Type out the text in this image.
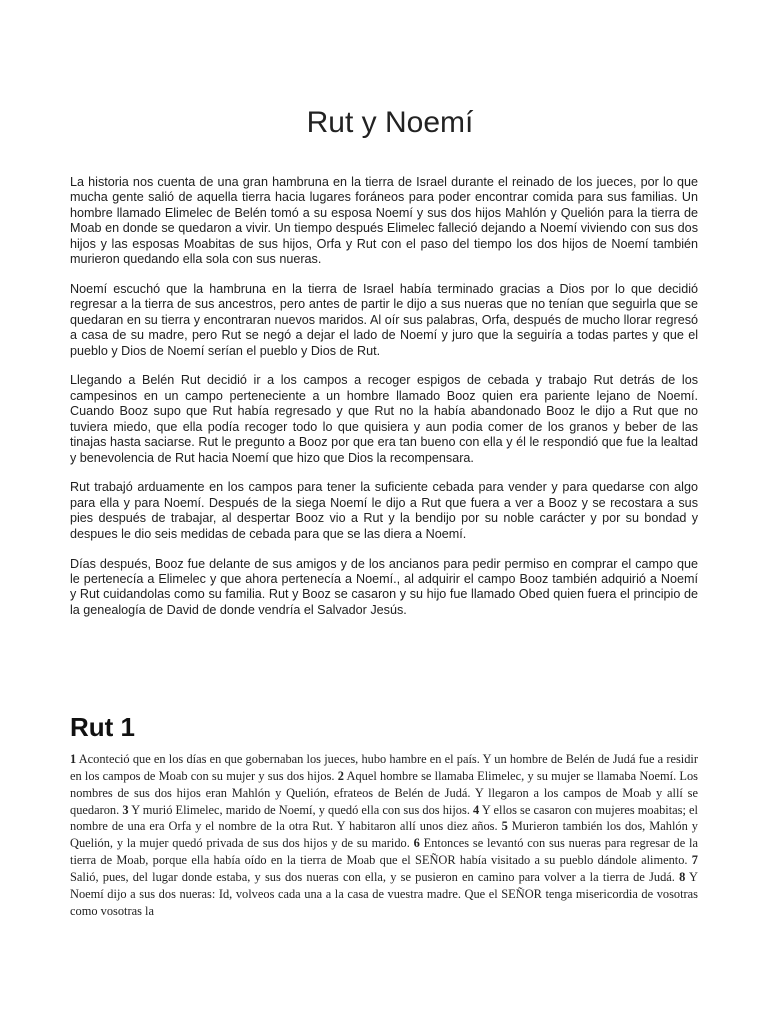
Rut y Noemí

La historia nos cuenta de una gran hambruna en la tierra de Israel durante el reinado de los jueces, por lo que mucha gente salió de aquella tierra hacia lugares foráneos para poder encontrar comida para sus familias. Un hombre llamado Elimelec de Belén tomó a su esposa Noemí y sus dos hijos Mahlón y Quelión para la tierra de Moab en donde se quedaron a vivir. Un tiempo después Elimelec falleció dejando a Noemí viviendo con sus dos hijos y las esposas Moabitas de sus hijos, Orfa y Rut con el paso del tiempo los dos hijos de Noemí también murieron quedando ella sola con sus nueras.

Noemí escuchó que la hambruna en la tierra de Israel había terminado gracias a Dios por lo que decidió regresar a la tierra de sus ancestros, pero antes de partir le dijo a sus nueras que no tenían que seguirla que se quedaran en su tierra y encontraran nuevos maridos. Al oír sus palabras, Orfa, después de mucho llorar regresó a casa de su madre, pero Rut se negó a dejar el lado de Noemí y juro que la seguiría a todas partes y que el pueblo y Dios de Noemí serían el pueblo y Dios de Rut.

Llegando a Belén Rut decidió ir a los campos a recoger espigos de cebada y trabajo Rut detrás de los campesinos en un campo perteneciente a un hombre llamado Booz quien era pariente lejano de Noemí. Cuando Booz supo que Rut había regresado y que Rut no la había abandonado Booz le dijo a Rut que no tuviera miedo, que ella podía recoger todo lo que quisiera y aun podia comer de los granos y beber de las tinajas hasta saciarse. Rut le pregunto a Booz por que era tan bueno con ella y él le respondió que fue la lealtad y benevolencia de Rut hacia Noemí que hizo que Dios la recompensara.

Rut trabajó arduamente en los campos para tener la suficiente cebada para vender y para quedarse con algo para ella y para Noemí. Después de la siega Noemí le dijo a Rut que fuera a ver a Booz y se recostara a sus pies después de trabajar, al despertar Booz vio a Rut y la bendijo por su noble carácter y por su bondad y despues le dio seis medidas de cebada para que se las diera a Noemí.

Días después, Booz fue delante de sus amigos y de los ancianos para pedir permiso en comprar el campo que le pertenecía a Elimelec y que ahora pertenecía a Noemí., al adquirir el campo Booz también adquirió a Noemí y Rut cuidandolas como su familia. Rut y Booz se casaron y su hijo fue llamado Obed quien fuera el principio de la genealogía de David de donde vendría el Salvador Jesús.

Rut 1
1 Aconteció que en los días en que gobernaban los jueces, hubo hambre en el país. Y un hombre de Belén de Judá fue a residir en los campos de Moab con su mujer y sus dos hijos. 2 Aquel hombre se llamaba Elimelec, y su mujer se llamaba Noemí. Los nombres de sus dos hijos eran Mahlón y Quelión, efrateos de Belén de Judá. Y llegaron a los campos de Moab y allí se quedaron. 3 Y murió Elimelec, marido de Noemí, y quedó ella con sus dos hijos. 4 Y ellos se casaron con mujeres moabitas; el nombre de una era Orfa y el nombre de la otra Rut. Y habitaron allí unos diez años. 5 Murieron también los dos, Mahlón y Quelión, y la mujer quedó privada de sus dos hijos y de su marido. 6 Entonces se levantó con sus nueras para regresar de la tierra de Moab, porque ella había oído en la tierra de Moab que el SEÑOR había visitado a su pueblo dándole alimento. 7 Salió, pues, del lugar donde estaba, y sus dos nueras con ella, y se pusieron en camino para volver a la tierra de Judá. 8 Y Noemí dijo a sus dos nueras: Id, volveos cada una a la casa de vuestra madre. Que el SEÑOR tenga misericordia de vosotras como vosotras la
